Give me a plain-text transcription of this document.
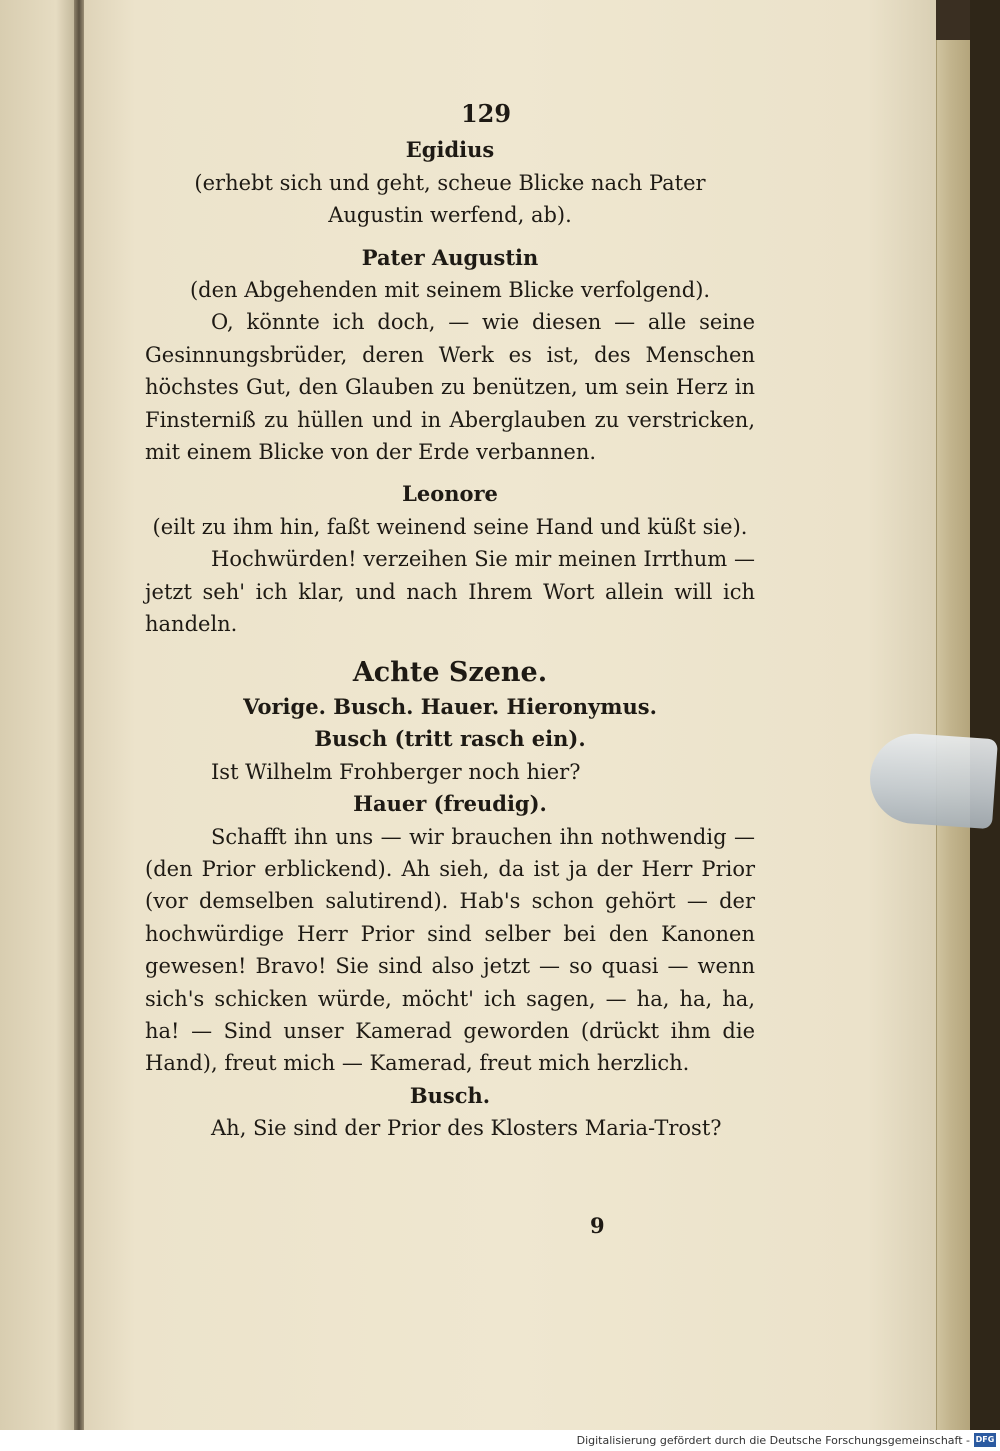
129
Egidius
(erhebt sich und geht, scheue Blicke nach Pater Augustin werfend, ab).
Pater Augustin
(den Abgehenden mit seinem Blicke verfolgend).
O, könnte ich doch, — wie diesen — alle seine Gesinnungsbrüder, deren Werk es ist, des Menschen höchstes Gut, den Glauben zu benützen, um sein Herz in Finsterniß zu hüllen und in Aberglauben zu verstricken, mit einem Blicke von der Erde verbannen.
Leonore
(eilt zu ihm hin, faßt weinend seine Hand und küßt sie).
Hochwürden! verzeihen Sie mir meinen Irrthum — jetzt seh' ich klar, und nach Ihrem Wort allein will ich handeln.
Achte Szene.
Vorige. Busch. Hauer. Hieronymus.
Busch (tritt rasch ein).
Ist Wilhelm Frohberger noch hier?
Hauer (freudig).
Schafft ihn uns — wir brauchen ihn nothwendig — (den Prior erblickend). Ah sieh, da ist ja der Herr Prior (vor demselben salutirend). Hab's schon gehört — der hochwürdige Herr Prior sind selber bei den Kanonen gewesen! Bravo! Sie sind also jetzt — so quasi — wenn sich's schicken würde, möcht' ich sagen, — ha, ha, ha, ha! — Sind unser Kamerad geworden (drückt ihm die Hand), freut mich — Kamerad, freut mich herzlich.
Busch.
Ah, Sie sind der Prior des Klosters Maria-Trost?
9
Digitalisierung gefördert durch die Deutsche Forschungsgemeinschaft - DFG
